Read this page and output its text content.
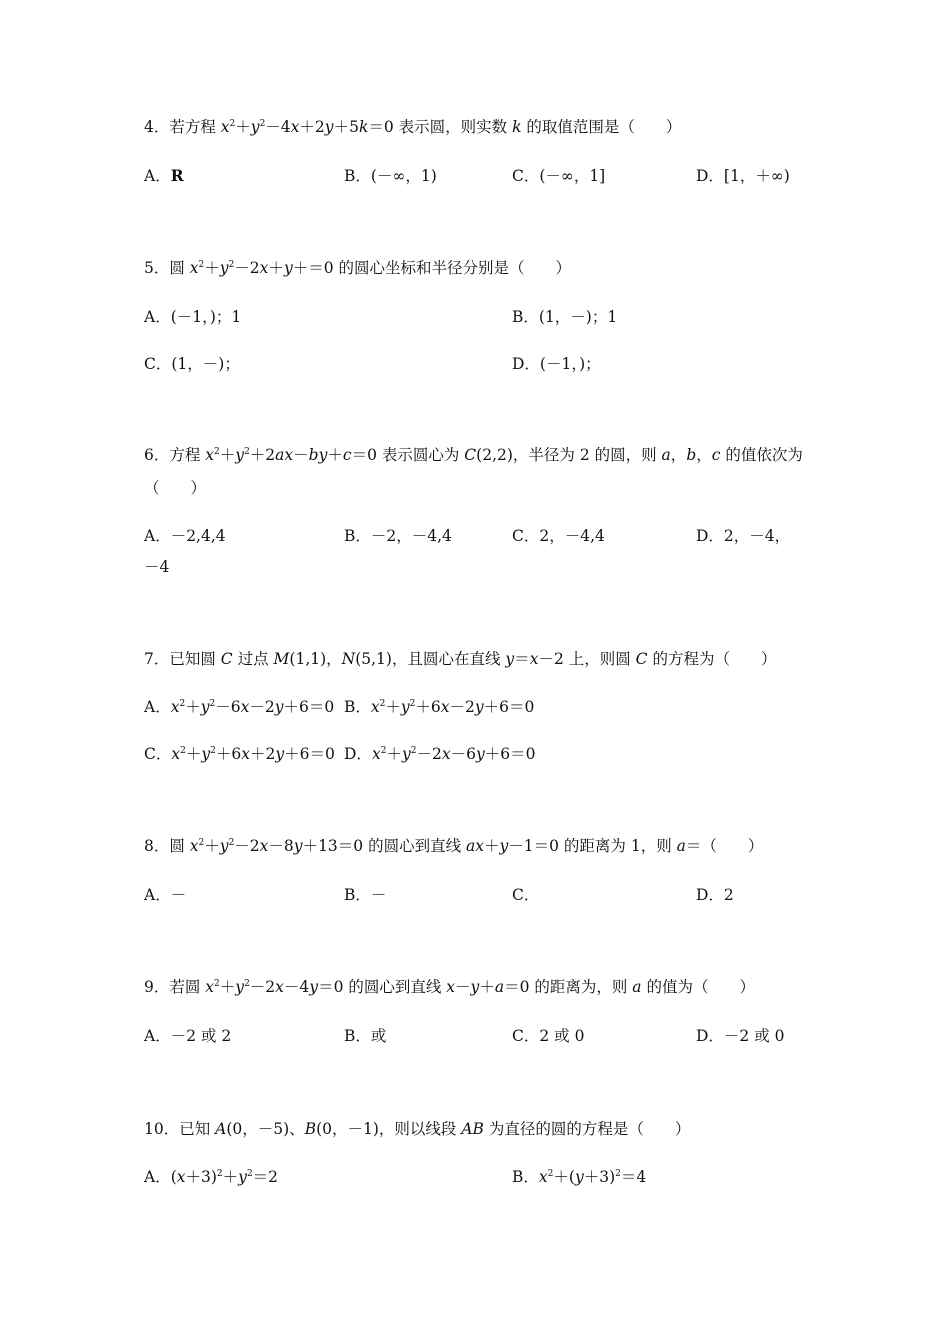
4．若方程 $x^2+y^2-4x+2y+5k=0$ 表示圆，则实数 k 的取值范围是（　　）
A．R	B．(－∞，1)	C．(－∞，1]	D．[1，＋∞)
5．圆 $x^2+y^2-2x+y+=0$ 的圆心坐标和半径分别是（　　）
A．(－1，)；1	B．(1，－)；1
C．(1，－)；	D．(－1，)；
6．方程 $x^2+y^2+2ax-by+c=0$ 表示圆心为 C(2,2)，半径为 2 的圆，则 a，b，c 的值依次为
（　　）
A．－2,4,4	B．－2，－4,4	C．2，－4,4	D．2，－4，
－4
7．已知圆 C 过点 M(1,1)，N(5,1)，且圆心在直线 y＝x－2 上，则圆 C 的方程为（　　）
A．$x^2+y^2-6x-2y+6=0$ B．$x^2+y^2+6x-2y+6=0$
C．$x^2+y^2+6x+2y+6=0$ D．$x^2+y^2-2x-6y+6=0$
8．圆 $x^2+y^2-2x-8y+13=0$ 的圆心到直线 ax＋y－1＝0 的距离为 1，则 a＝（　　）
A．－	B．－	C．	D．2
9．若圆 $x^2+y^2-2x-4y=0$ 的圆心到直线 x－y＋a＝0 的距离为，则 a 的值为（　　）
A．－2 或 2	B．或	C．2 或 0	D．－2 或 0
10．已知 A(0，－5)、B(0，－1)，则以线段 AB 为直径的圆的方程是（　　）
A．$(x+3)^2+y^2=2$	B．$x^2+(y+3)^2=4$
